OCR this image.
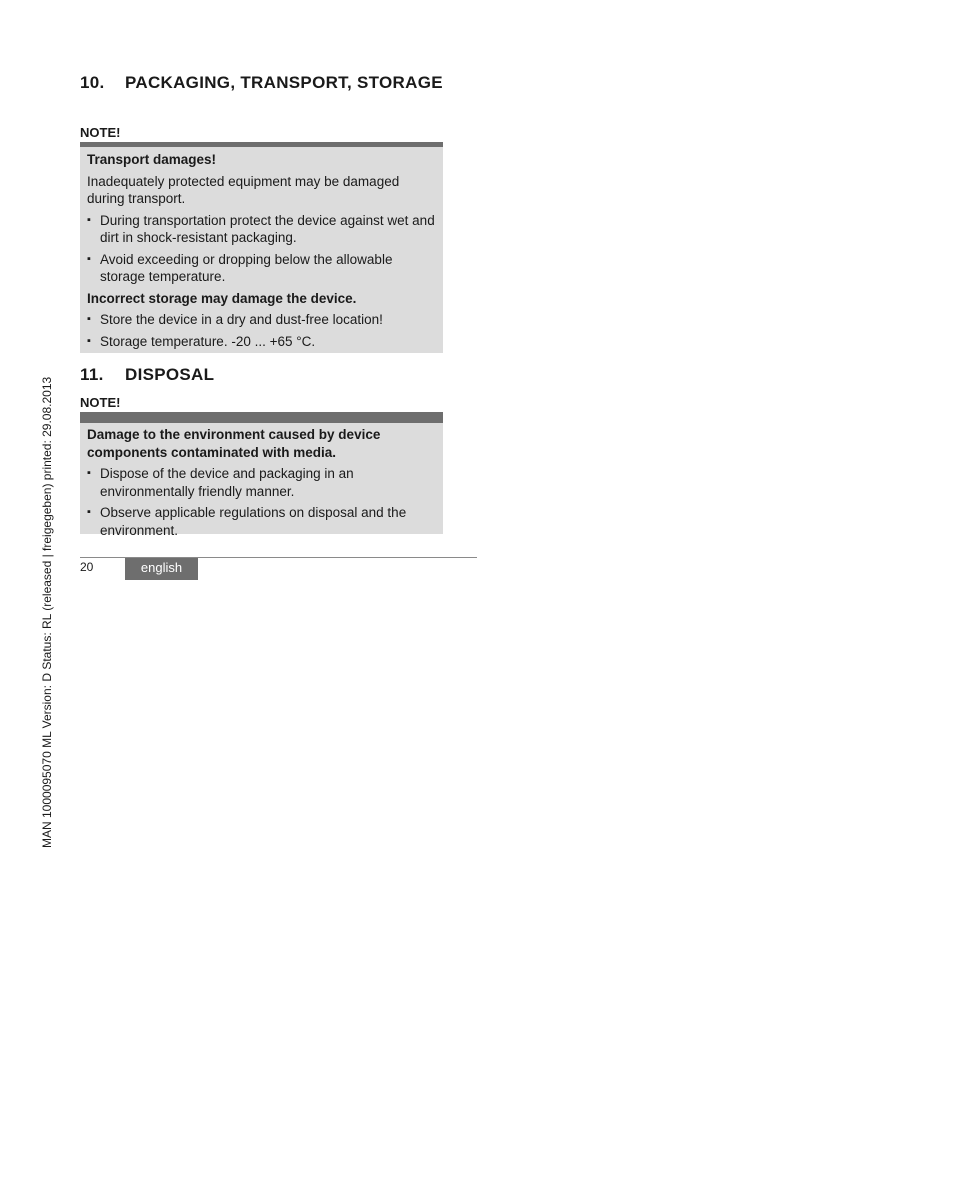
MAN 1000095070 ML Version: D Status: RL (released | freigegeben) printed: 29.08.2013
10. PACKAGING, TRANSPORT, STORAGE
NOTE!

Transport damages!

Inadequately protected equipment may be damaged during transport.

▪ During transportation protect the device against wet and dirt in shock-resistant packaging.
▪ Avoid exceeding or dropping below the allowable storage temperature.

Incorrect storage may damage the device.

▪ Store the device in a dry and dust-free location!
▪ Storage temperature. -20 ... +65 °C.
11. DISPOSAL
NOTE!

Damage to the environment caused by device components contaminated with media.

▪ Dispose of the device and packaging in an environmentally friendly manner.
▪ Observe applicable regulations on disposal and the environment.
20	english
